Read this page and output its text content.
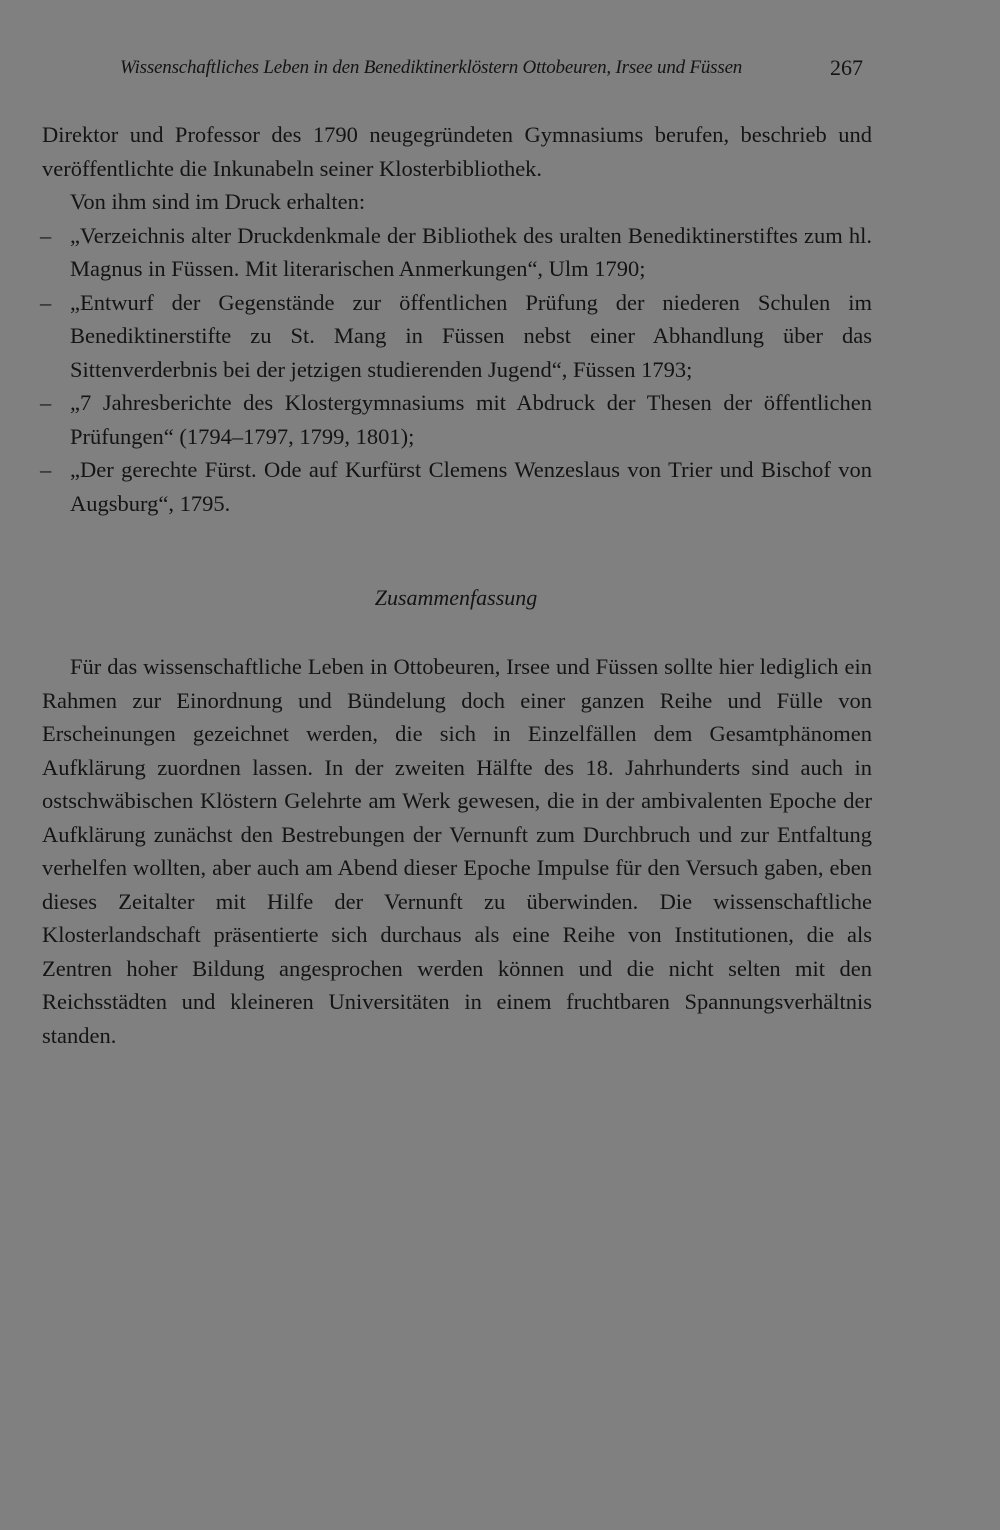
Wissenschaftliches Leben in den Benediktinerklöstern Ottobeuren, Irsee und Füssen	267

Direktor und Professor des 1790 neugegründeten Gymnasiums berufen, beschrieb und veröffentlichte die Inkunabeln seiner Klosterbibliothek.

Von ihm sind im Druck erhalten:

– „Verzeichnis alter Druckdenkmale der Bibliothek des uralten Benediktinerstiftes zum hl. Magnus in Füssen. Mit literarischen Anmerkungen“, Ulm 1790;

– „Entwurf der Gegenstände zur öffentlichen Prüfung der niederen Schulen im Benediktinerstifte zu St. Mang in Füssen nebst einer Abhandlung über das Sittenverderbnis bei der jetzigen studierenden Jugend“, Füssen 1793;

– „7 Jahresberichte des Klostergymnasiums mit Abdruck der Thesen der öffentlichen Prüfungen“ (1794–1797, 1799, 1801);

– „Der gerechte Fürst. Ode auf Kurfürst Clemens Wenzeslaus von Trier und Bischof von Augsburg“, 1795.

Zusammenfassung

Für das wissenschaftliche Leben in Ottobeuren, Irsee und Füssen sollte hier lediglich ein Rahmen zur Einordnung und Bündelung doch einer ganzen Reihe und Fülle von Erscheinungen gezeichnet werden, die sich in Einzelfällen dem Gesamtphänomen Aufklärung zuordnen lassen. In der zweiten Hälfte des 18. Jahrhunderts sind auch in ostschwäbischen Klöstern Gelehrte am Werk gewesen, die in der ambivalenten Epoche der Aufklärung zunächst den Bestrebungen der Vernunft zum Durchbruch und zur Entfaltung verhelfen wollten, aber auch am Abend dieser Epoche Impulse für den Versuch gaben, eben dieses Zeitalter mit Hilfe der Vernunft zu überwinden. Die wissenschaftliche Klosterlandschaft präsentierte sich durchaus als eine Reihe von Institutionen, die als Zentren hoher Bildung angesprochen werden können und die nicht selten mit den Reichsstädten und kleineren Universitäten in einem fruchtbaren Spannungsverhältnis standen.
